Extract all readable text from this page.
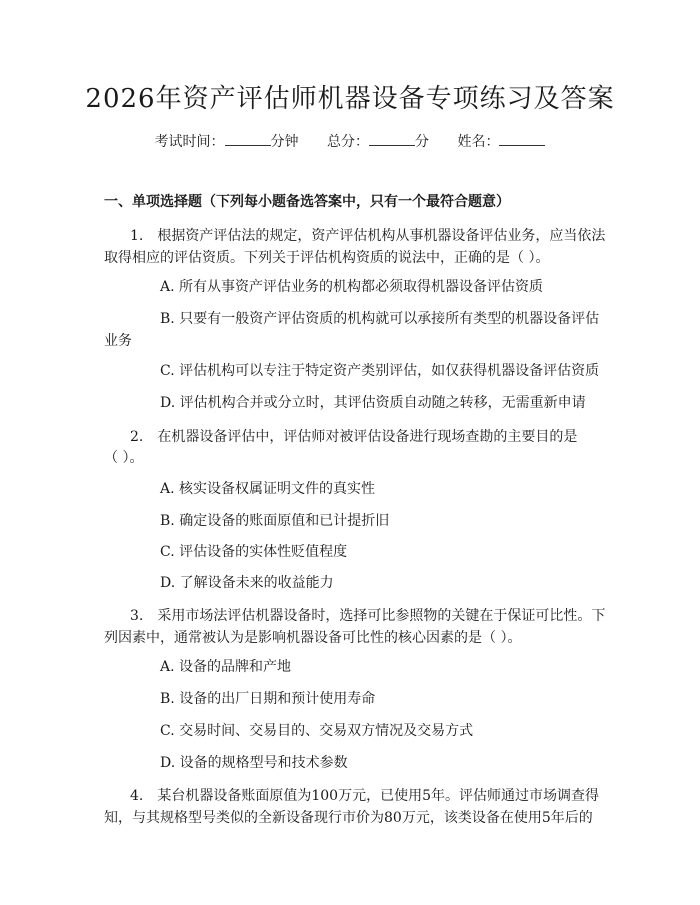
2026年资产评估师机器设备专项练习及答案
考试时间：	分钟 总分：	分 姓名：
一、单项选择题（下列每小题备选答案中，只有一个最符合题意）
1.　根据资产评估法的规定，资产评估机构从事机器设备评估业务，应当依法
取得相应的评估资质。下列关于评估机构资质的说法中，正确的是（ ）。
A. 所有从事资产评估业务的机构都必须取得机器设备评估资质
B. 只要有一般资产评估资质的机构就可以承接所有类型的机器设备评估
业务
C. 评估机构可以专注于特定资产类别评估，如仅获得机器设备评估资质
D. 评估机构合并或分立时，其评估资质自动随之转移，无需重新申请
2.　在机器设备评估中，评估师对被评估设备进行现场查勘的主要目的是
（ ）。
A. 核实设备权属证明文件的真实性
B. 确定设备的账面原值和已计提折旧
C. 评估设备的实体性贬值程度
D. 了解设备未来的收益能力
3.　采用市场法评估机器设备时，选择可比参照物的关键在于保证可比性。下
列因素中，通常被认为是影响机器设备可比性的核心因素的是（ ）。
A. 设备的品牌和产地
B. 设备的出厂日期和预计使用寿命
C. 交易时间、交易目的、交易双方情况及交易方式
D. 设备的规格型号和技术参数
4.　某台机器设备账面原值为100万元，已使用5年。评估师通过市场调查得
知，与其规格型号类似的全新设备现行市价为80万元，该类设备在使用5年后的
